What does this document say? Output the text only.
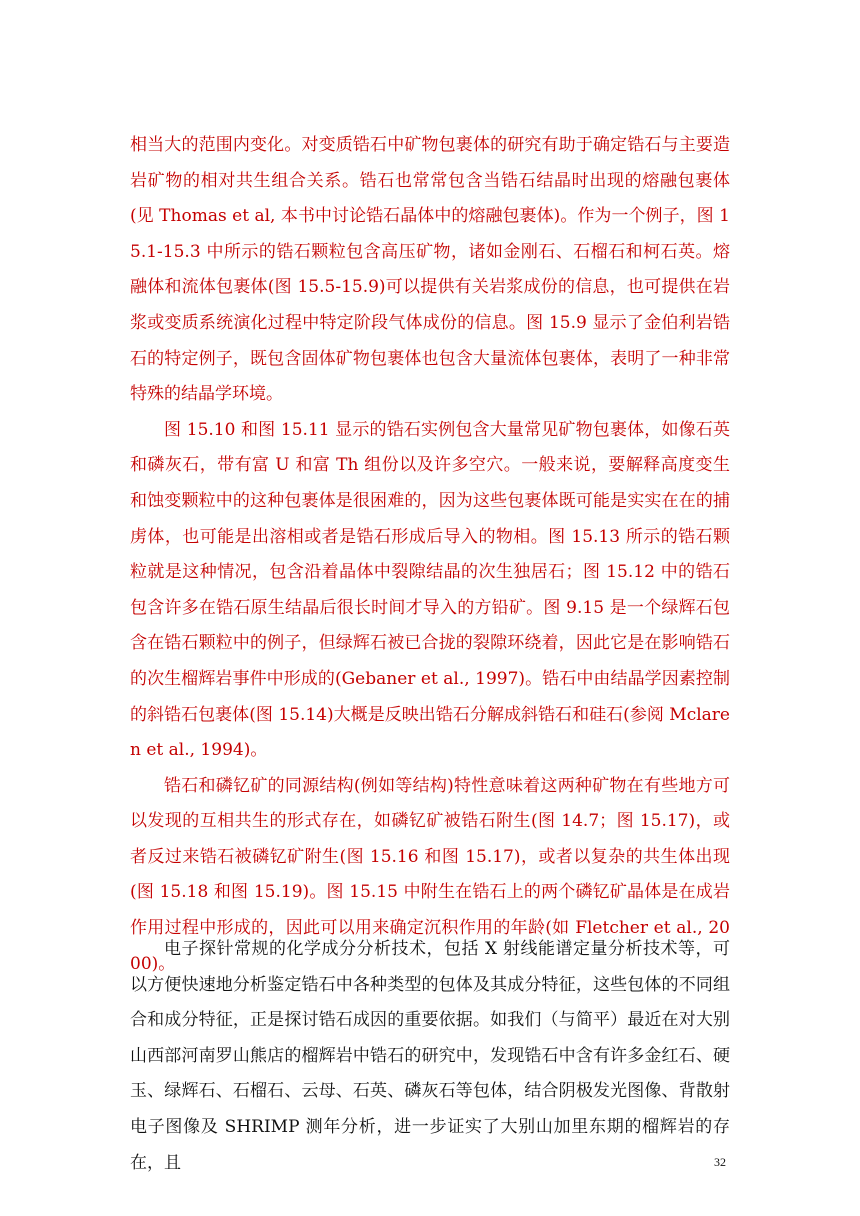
相当大的范围内变化。对变质锆石中矿物包裹体的研究有助于确定锆石与主要造岩矿物的相对共生组合关系。锆石也常常包含当锆石结晶时出现的熔融包裹体(见 Thomas et al, 本书中讨论锆石晶体中的熔融包裹体)。作为一个例子，图 15.1-15.3 中所示的锆石颗粒包含高压矿物，诸如金刚石、石榴石和柯石英。熔融体和流体包裹体(图 15.5-15.9)可以提供有关岩浆成份的信息，也可提供在岩浆或变质系统演化过程中特定阶段气体成份的信息。图 15.9 显示了金伯利岩锆石的特定例子，既包含固体矿物包裹体也包含大量流体包裹体，表明了一种非常特殊的结晶学环境。

图 15.10 和图 15.11 显示的锆石实例包含大量常见矿物包裹体，如像石英和磷灰石，带有富 U 和富 Th 组份以及许多空穴。一般来说，要解释高度变生和蚀变颗粒中的这种包裹体是很困难的，因为这些包裹体既可能是实实在在的捕虏体，也可能是出溶相或者是锆石形成后导入的物相。图 15.13 所示的锆石颗粒就是这种情况，包含沿着晶体中裂隙结晶的次生独居石；图 15.12 中的锆石包含许多在锆石原生结晶后很长时间才导入的方铅矿。图 9.15 是一个绿辉石包含在锆石颗粒中的例子，但绿辉石被已合拢的裂隙环绕着，因此它是在影响锆石的次生榴辉岩事件中形成的(Gebaner et al., 1997)。锆石中由结晶学因素控制的斜锆石包裹体(图 15.14)大概是反映出锆石分解成斜锆石和硅石(参阅 Mclaren et al., 1994)。

锆石和磷钇矿的同源结构(例如等结构)特性意味着这两种矿物在有些地方可以发现的互相共生的形式存在，如磷钇矿被锆石附生(图 14.7；图 15.17)，或者反过来锆石被磷钇矿附生(图 15.16 和图 15.17)，或者以复杂的共生体出现(图 15.18 和图 15.19)。图 15.15 中附生在锆石上的两个磷钇矿晶体是在成岩作用过程中形成的，因此可以用来确定沉积作用的年龄(如 Fletcher et al., 2000)。

电子探针常规的化学成分分析技术，包括 X 射线能谱定量分析技术等，可以方便快速地分析鉴定锆石中各种类型的包体及其成分特征，这些包体的不同组合和成分特征，正是探讨锆石成因的重要依据。如我们（与简平）最近在对大别山西部河南罗山熊店的榴辉岩中锆石的研究中，发现锆石中含有许多金红石、硬玉、绿辉石、石榴石、云母、石英、磷灰石等包体，结合阴极发光图像、背散射电子图像及 SHRIMP 测年分析，进一步证实了大别山加里东期的榴辉岩的存在，且	32
